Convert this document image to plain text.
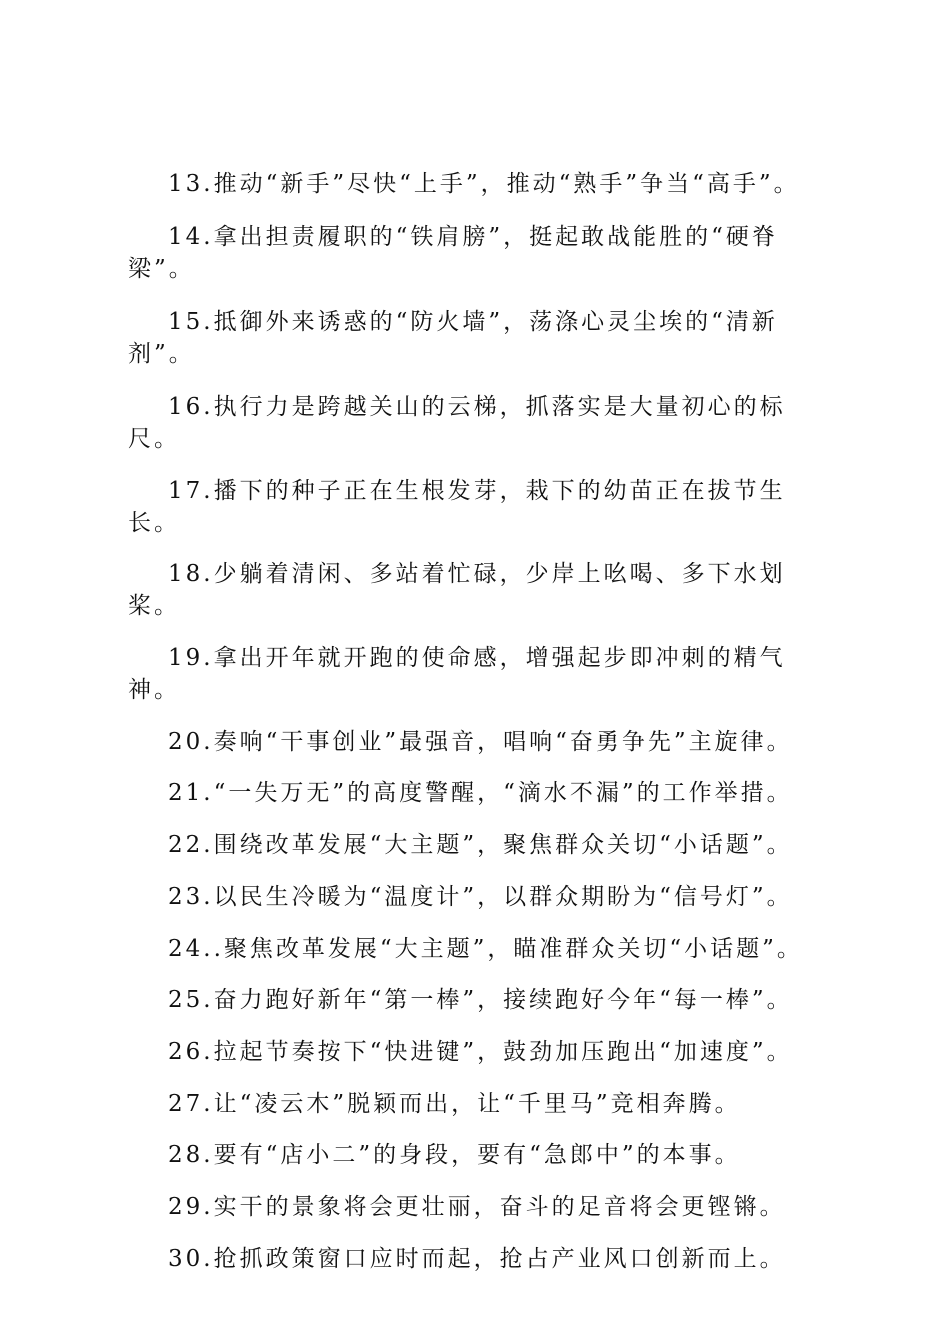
13.推动“新手”尽快“上手”，推动“熟手”争当“高手”。

14.拿出担责履职的“铁肩膀”，挺起敢战能胜的“硬脊梁”。

15.抵御外来诱惑的“防火墙”，荡涤心灵尘埃的“清新剂”。

16.执行力是跨越关山的云梯，抓落实是大量初心的标尺。

17.播下的种子正在生根发芽，栽下的幼苗正在拔节生长。

18.少躺着清闲、多站着忙碌，少岸上吆喝、多下水划桨。

19.拿出开年就开跑的使命感，增强起步即冲刺的精气神。

20.奏响“干事创业”最强音，唱响“奋勇争先”主旋律。

21.“一失万无”的高度警醒，“滴水不漏”的工作举措。

22.围绕改革发展“大主题”，聚焦群众关切“小话题”。

23.以民生冷暖为“温度计”，以群众期盼为“信号灯”。

24..聚焦改革发展“大主题”，瞄准群众关切“小话题”。

25.奋力跑好新年“第一棒”，接续跑好今年“每一棒”。

26.拉起节奏按下“快进键”，鼓劲加压跑出“加速度”。

27.让“凌云木”脱颖而出，让“千里马”竞相奔腾。

28.要有“店小二”的身段，要有“急郎中”的本事。

29.实干的景象将会更壮丽，奋斗的足音将会更铿锵。

30.抢抓政策窗口应时而起，抢占产业风口创新而上。
